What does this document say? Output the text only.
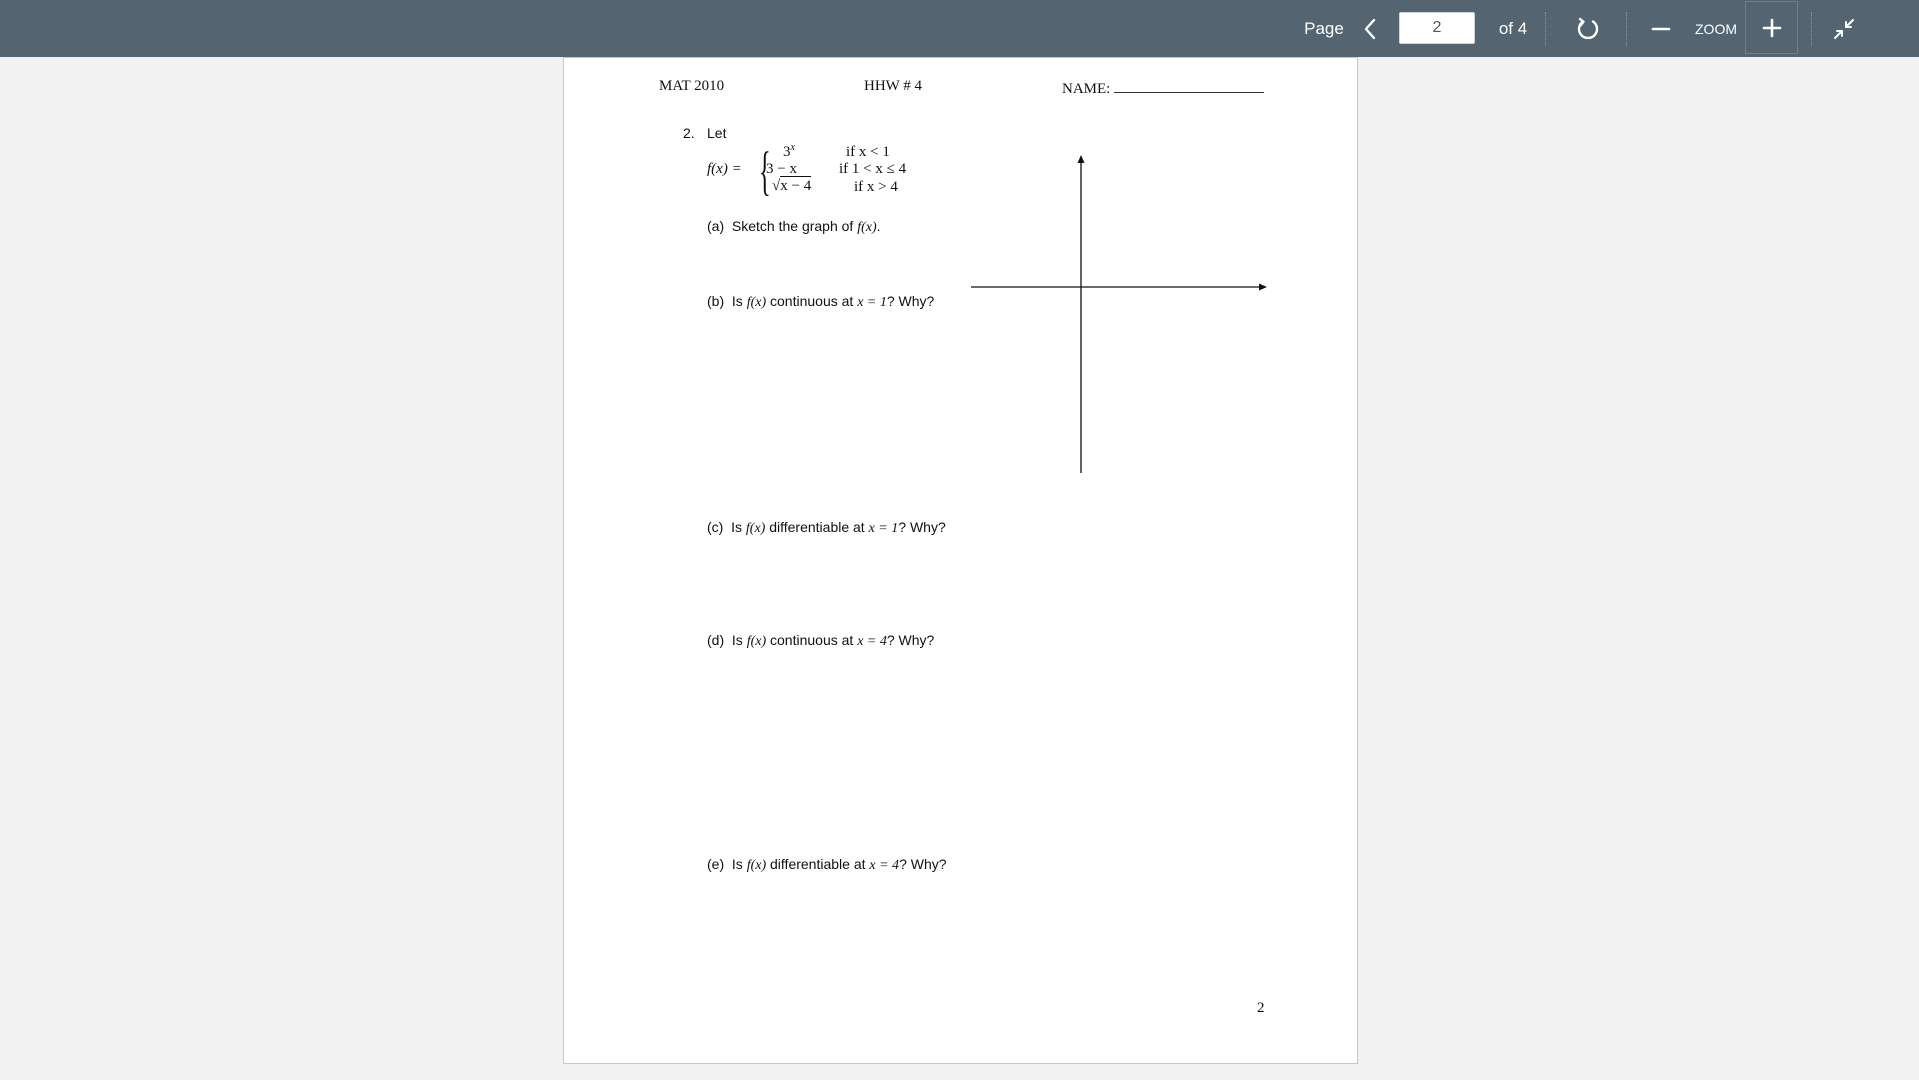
Page	2	of 4	ZOOM
MAT 2010	HHW # 4	NAME:
2. Let
f(x) = { 3$^x$	if x < 1
3 − x	if 1 < x ≤ 4
√x − 4	if x > 4
(a) Sketch the graph of f(x).
(b) Is f(x) continuous at x = 1? Why?
(c) Is f(x) differentiable at x = 1? Why?
(d) Is f(x) continuous at x = 4? Why?
(e) Is f(x) differentiable at x = 4? Why?
2
